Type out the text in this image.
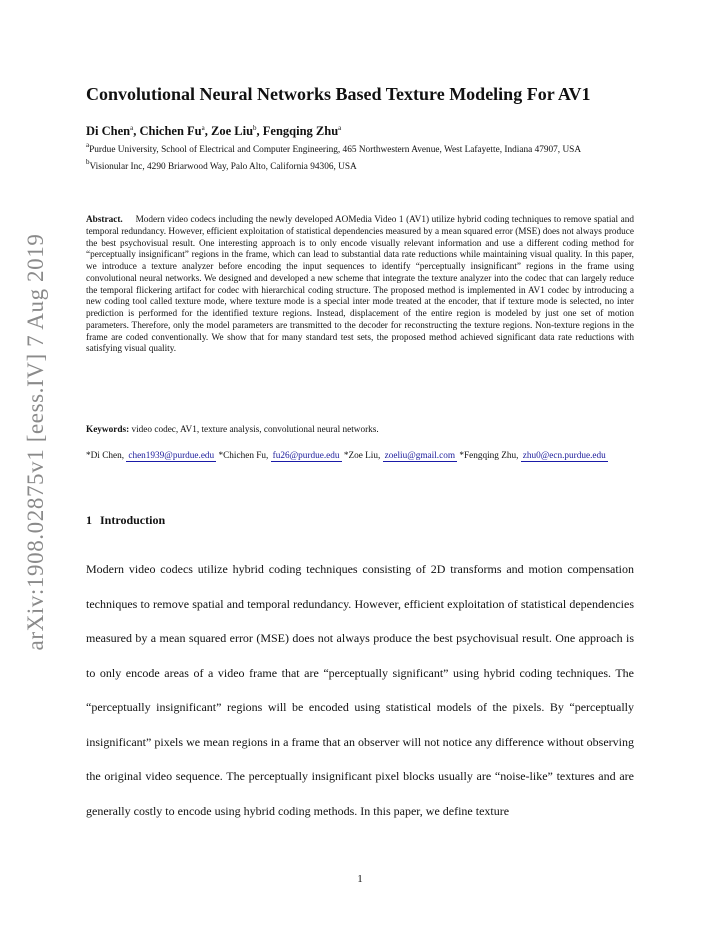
arXiv:1908.02875v1 [eess.IV] 7 Aug 2019
Convolutional Neural Networks Based Texture Modeling For AV1

Di Chen$^a$, Chichen Fu$^a$, Zoe Liu$^b$, Fengqing Zhu$^a$

$^a$Purdue University, School of Electrical and Computer Engineering, 465 Northwestern Avenue, West Lafayette, Indiana 47907, USA

$^b$Visionular Inc, 4290 Briarwood Way, Palo Alto, California 94306, USA

Abstract. Modern video codecs including the newly developed AOMedia Video 1 (AV1) utilize hybrid coding techniques to remove spatial and temporal redundancy. However, efficient exploitation of statistical dependencies measured by a mean squared error (MSE) does not always produce the best psychovisual result. One interesting approach is to only encode visually relevant information and use a different coding method for “perceptually insignificant” regions in the frame, which can lead to substantial data rate reductions while maintaining visual quality. In this paper, we introduce a texture analyzer before encoding the input sequences to identify “perceptually insignificant” regions in the frame using convolutional neural networks. We designed and developed a new scheme that integrate the texture analyzer into the codec that can largely reduce the temporal flickering artifact for codec with hierarchical coding structure. The proposed method is implemented in AV1 codec by introducing a new coding tool called texture mode, where texture mode is a special inter mode treated at the encoder, that if texture mode is selected, no inter prediction is performed for the identified texture regions. Instead, displacement of the entire region is modeled by just one set of motion parameters. Therefore, only the model parameters are transmitted to the decoder for reconstructing the texture regions. Non-texture regions in the frame are coded conventionally. We show that for many standard test sets, the proposed method achieved significant data rate reductions with satisfying visual quality.

Keywords: video codec, AV1, texture analysis, convolutional neural networks.

*Di Chen, chen1939@purdue.edu *Chichen Fu, fu26@purdue.edu *Zoe Liu, zoeliu@gmail.com *Fengqing Zhu, zhu0@ecn.purdue.edu
1 Introduction

Modern video codecs utilize hybrid coding techniques consisting of 2D transforms and motion compensation techniques to remove spatial and temporal redundancy. However, efficient exploitation of statistical dependencies measured by a mean squared error (MSE) does not always produce the best psychovisual result. One approach is to only encode areas of a video frame that are “perceptually significant” using hybrid coding techniques. The “perceptually insignificant” regions will be encoded using statistical models of the pixels. By “perceptually insignificant” pixels we mean regions in a frame that an observer will not notice any difference without observing the original video sequence. The perceptually insignificant pixel blocks usually are “noise-like” textures and are generally costly to encode using hybrid coding methods. In this paper, we define texture

1
